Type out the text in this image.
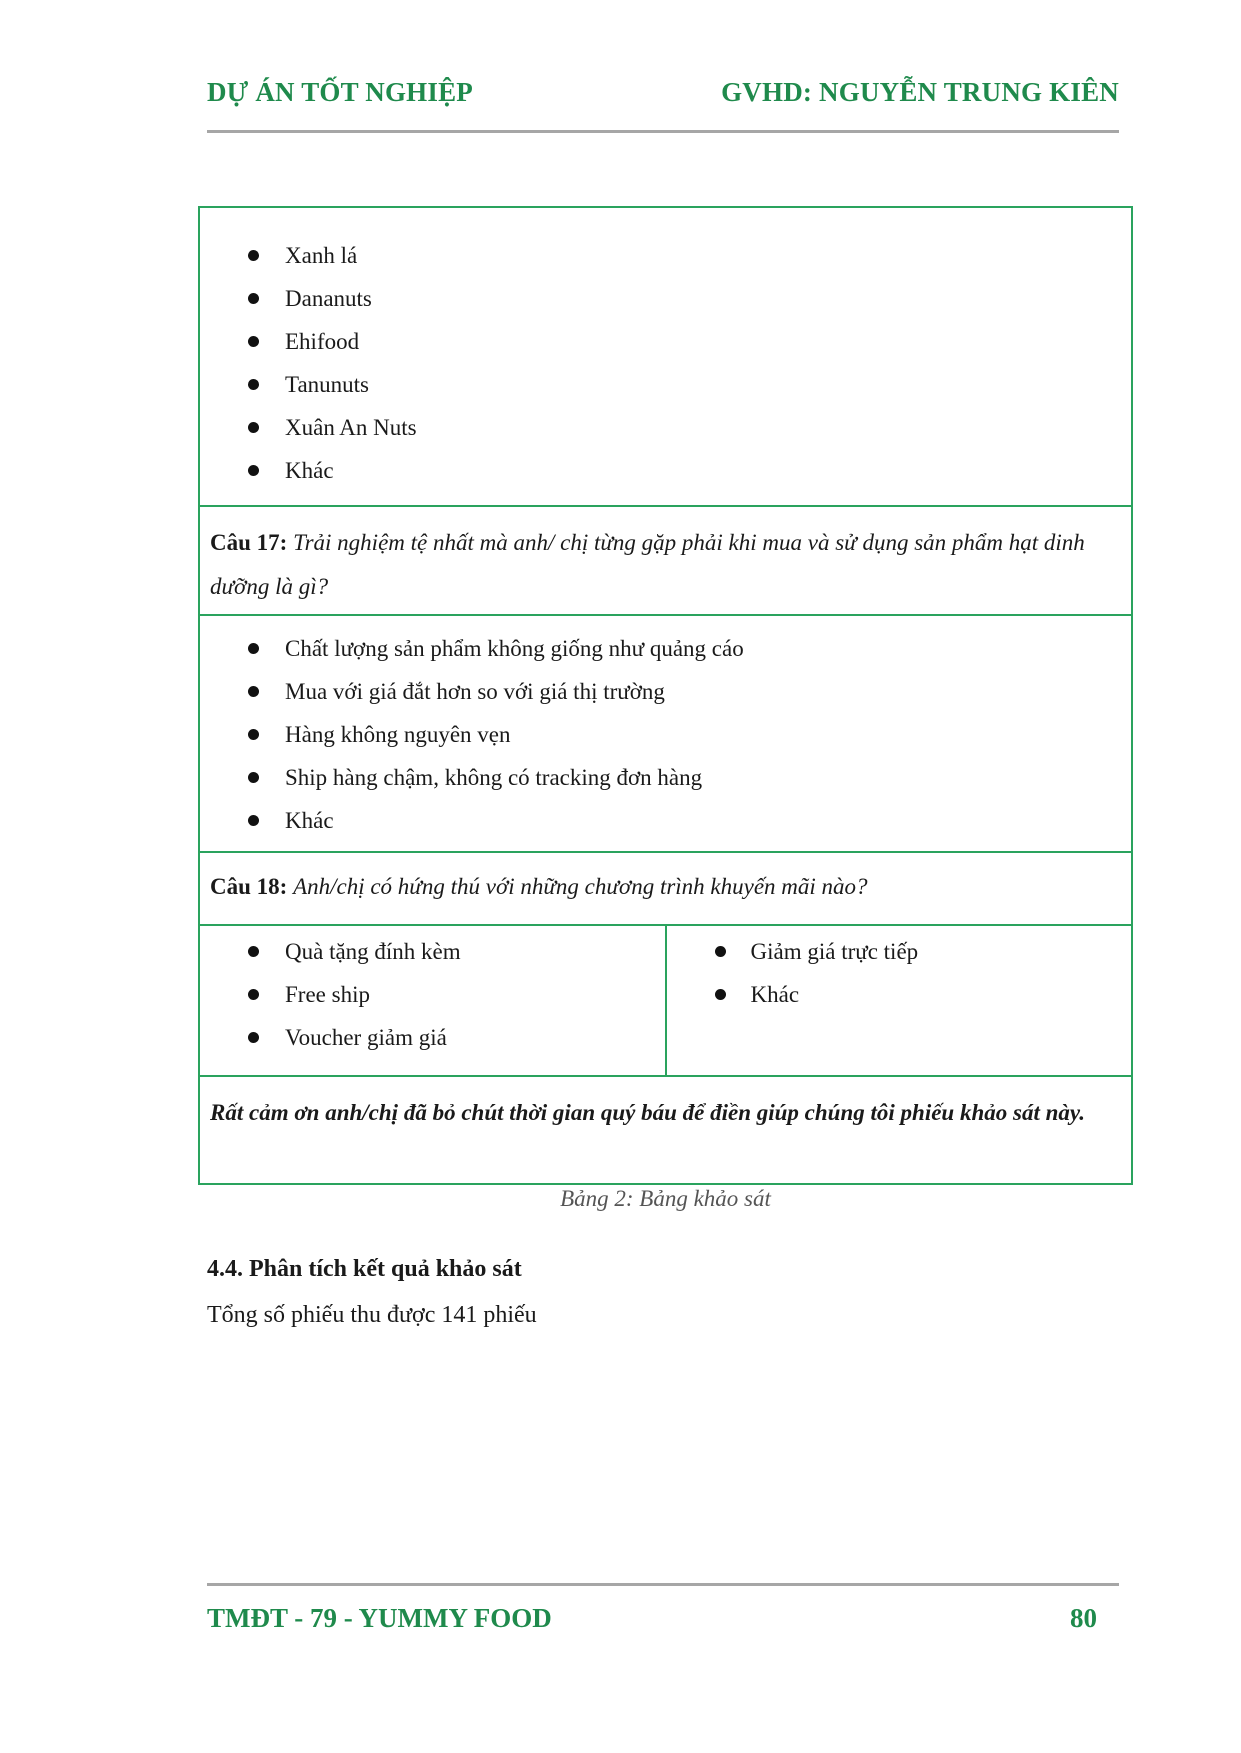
DỰ ÁN TỐT NGHIỆP	GVHD: NGUYỄN TRUNG KIÊN
Xanh lá
Dananuts
Ehifood
Tanunuts
Xuân An Nuts
Khác
Câu 17: Trải nghiệm tệ nhất mà anh/ chị từng gặp phải khi mua và sử dụng sản phẩm hạt dinh dưỡng là gì?
Chất lượng sản phẩm không giống như quảng cáo
Mua với giá đắt hơn so với giá thị trường
Hàng không nguyên vẹn
Ship hàng chậm, không có tracking đơn hàng
Khác
Câu 18: Anh/chị có hứng thú với những chương trình khuyến mãi nào?
Quà tặng đính kèm
Free ship
Voucher giảm giá
Giảm giá trực tiếp
Khác
Rất cảm ơn anh/chị đã bỏ chút thời gian quý báu để điền giúp chúng tôi phiếu khảo sát này.
Bảng 2: Bảng khảo sát
4.4. Phân tích kết quả khảo sát
Tổng số phiếu thu được 141 phiếu
TMĐT - 79 - YUMMY FOOD	80
